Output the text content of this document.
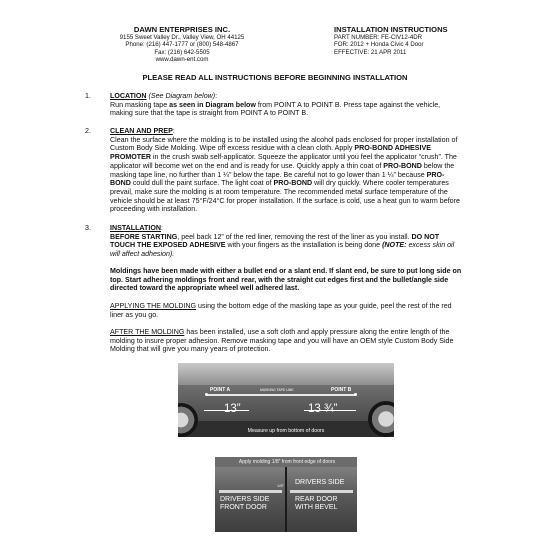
DAWN ENTERPRISES INC.
9155 Sweet Valley Dr., Valley View, OH 44125
Phone: (216) 447-1777 or (800) 548-4867
Fax: (216) 642-5505
www.dawn-ent.com
INSTALLATION INSTRUCTIONS
PART NUMBER: FE-CIV12-4DR
FOR: 2012 + Honda Civic 4 Door
EFFECTIVE: 21 APR 2011
PLEASE READ ALL INSTRUCTIONS BEFORE BEGINNING INSTALLATION
1.	LOCATION (See Diagram below):

Run masking tape as seen in Diagram below from POINT A to POINT B. Press tape against the vehicle, making sure that the tape is straight from POINT A to POINT B.

2.	CLEAN AND PREP:

Clean the surface where the molding is to be installed using the alcohol pads enclosed for proper installation of Custom Body Side Molding. Wipe off excess residue with a clean cloth. Apply PRO-BOND ADHESIVE PROMOTER in the crush swab self-applicator. Squeeze the applicator until you feel the applicator “crush”. The applicator will become wet on the end and is ready for use. Quickly apply a thin coat of PRO-BOND below the masking tape line, no further than 1 ¼” below the tape. Be careful not to go lower than 1 ¼” because PRO-BOND could dull the paint surface. The light coat of PRO-BOND will dry quickly. Where cooler temperatures prevail, make sure the molding is at room temperature. The recommended metal surface temperature of the vehicle should be at least 75°F/24°C for proper installation. If the surface is cold, use a heat gun to warm before proceeding with installation.

3.	INSTALLATION:

BEFORE STARTING, peel back 12” of the red liner, removing the rest of the liner as you install. DO NOT TOUCH THE EXPOSED ADHESIVE with your fingers as the installation is being done (NOTE: excess skin oil will affect adhesion).

Moldings have been made with either a bullet end or a slant end. If slant end, be sure to put long side on top. Start adhering moldings front and rear, with the straight cut edges first and the bullet/angle side directed toward the appropriate wheel well adhered last.

APPLYING THE MOLDING using the bottom edge of the masking tape as your guide, peel the rest of the red liner as you go.

AFTER THE MOLDING has been installed, use a soft cloth and apply pressure along the entire length of the molding to insure proper adhesion. Remove masking tape and you will have an OEM style Custom Body Side Molding that will give you many years of protection.

POINT A	POINT B
MASKING TAPE LINE
13”	13 ¾”
Measure up from bottom of doors
Apply molding 1/8” from front edge of doors
1/8”
DRIVERS SIDE
FRONT DOOR
DRIVERS SIDE
REAR DOOR
WITH BEVEL
